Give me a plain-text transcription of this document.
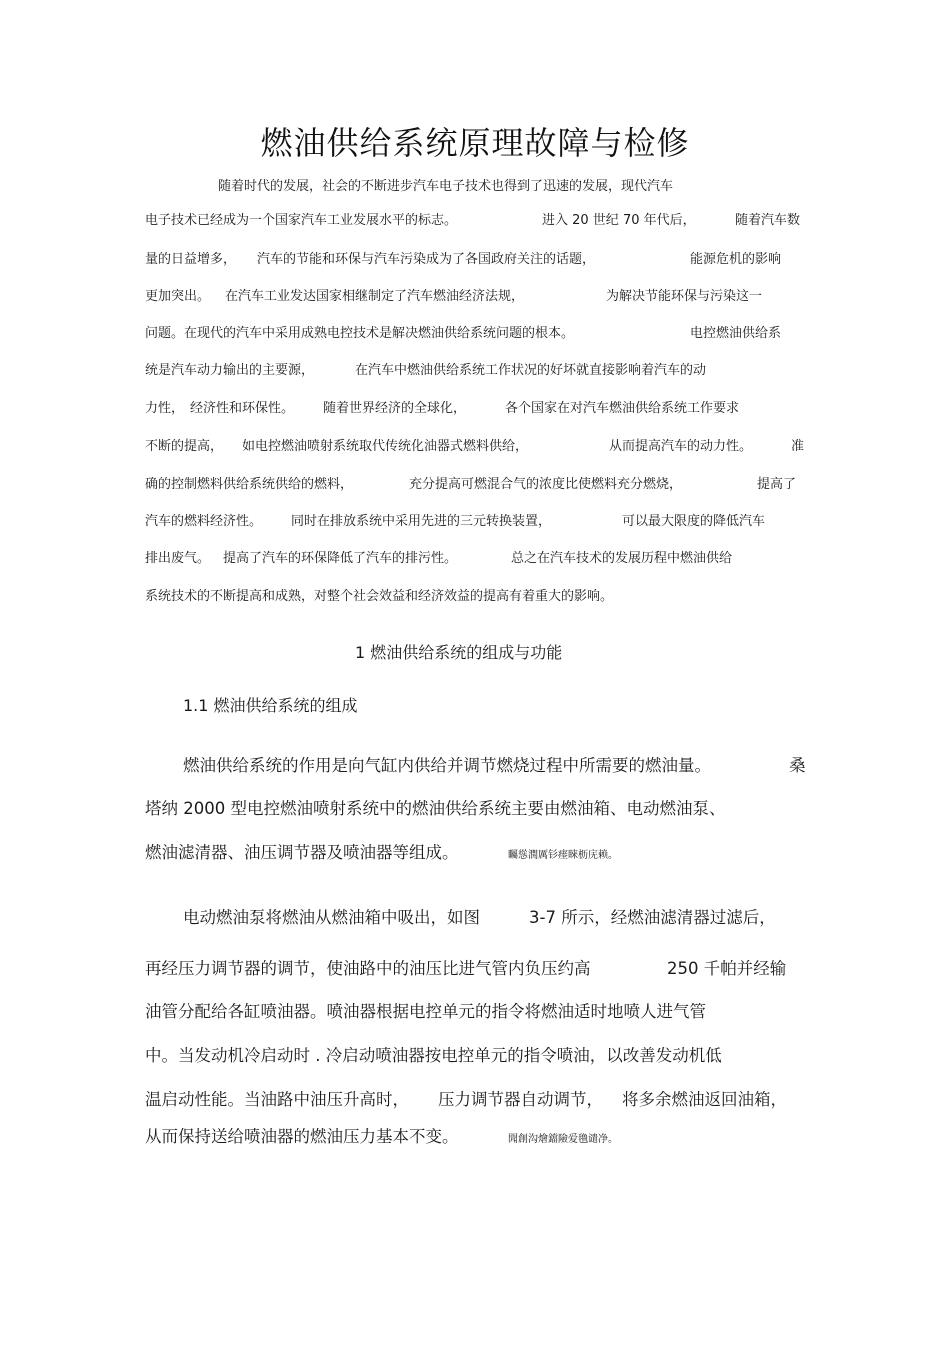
燃油供给系统原理故障与检修
随着时代的发展，社会的不断进步汽车电子技术也得到了迅速的发展，现代汽车
电子技术已经成为一个国家汽车工业发展水平的标志。	进入 20 世纪 70 年代后，	随着汽车数
量的日益增多， 汽车的节能和环保与汽车污染成为了各国政府关注的话题，	能源危机的影响
更加突出。 在汽车工业发达国家相继制定了汽车燃油经济法规，	为解决节能环保与污染这一
问题。在现代的汽车中采用成熟电控技术是解决燃油供给系统问题的根本。	电控燃油供给系
统是汽车动力输出的主要源，	在汽车中燃油供给系统工作状况的好坏就直接影响着汽车的动
力性， 经济性和环保性。 随着世界经济的全球化，	各个国家在对汽车燃油供给系统工作要求
不断的提高， 如电控燃油喷射系统取代传统化油器式燃料供给，	从而提高汽车的动力性。	准
确的控制燃料供给系统供给的燃料，	充分提高可燃混合气的浓度比使燃料充分燃烧，	提高了
汽车的燃料经济性。 同时在排放系统中采用先进的三元转换装置，	可以最大限度的降低汽车
排出废气。 提高了汽车的环保降低了汽车的排污性。	总之在汽车技术的发展历程中燃油供给
系统技术的不断提高和成熟，对整个社会效益和经济效益的提高有着重大的影响。
1 燃油供给系统的组成与功能
1.1 燃油供给系统的组成
燃油供给系统的作用是向气缸内供给并调节燃烧过程中所需要的燃油量。	桑
塔纳 2000 型电控燃油喷射系统中的燃油供给系统主要由燃油箱、电动燃油泵、
燃油滤清器、油压调节器及喷油器等组成。	矚慫潤厲钐瘗睞枥庑赖。
电动燃油泵将燃油从燃油箱中吸出，如图	3-7 所示，经燃油滤清器过滤后，
再经压力调节器的调节，使油路中的油压比进气管内负压约高	250 千帕并经输
油管分配给各缸喷油器。喷油器根据电控单元的指令将燃油适时地喷人进气管
中。当发动机冷启动时 . 冷启动喷油器按电控单元的指令喷油，以改善发动机低
温启动性能。当油路中油压升高时， 压力调节器自动调节， 将多余燃油返回油箱，
从而保持送给喷油器的燃油压力基本不变。	聞創沟燴鐺險爱氇谴净。
